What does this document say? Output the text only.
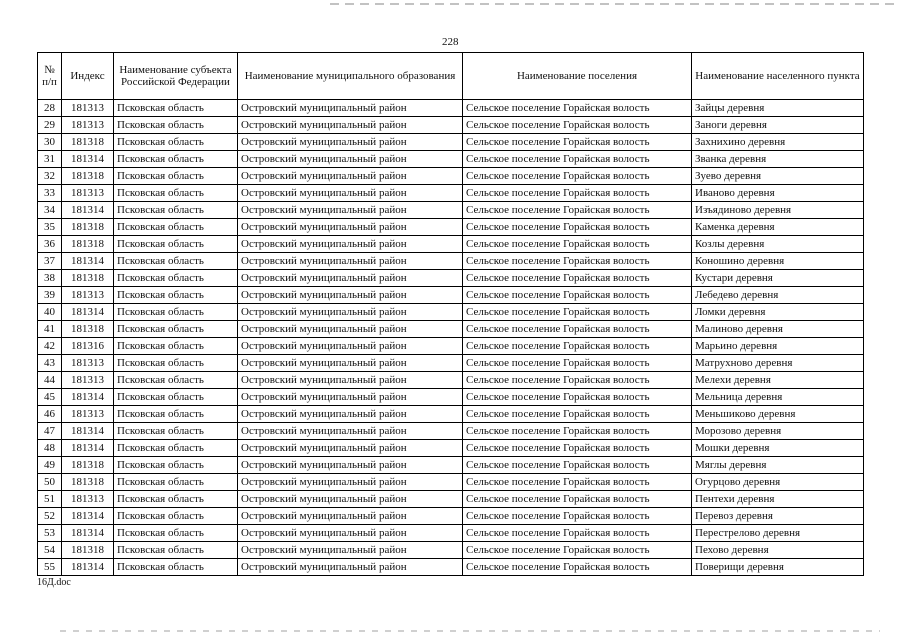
228
№ п/п	Индекс	Наименование субъекта Российской Федерации	Наименование муниципального образования	Наименование поселения	Наименование населенного пункта
28	181313	Псковская область	Островский муниципальный район	Сельское поселение Горайская волость	Зайцы деревня
29	181313	Псковская область	Островский муниципальный район	Сельское поселение Горайская волость	Заноги деревня
30	181318	Псковская область	Островский муниципальный район	Сельское поселение Горайская волость	Захнихино деревня
31	181314	Псковская область	Островский муниципальный район	Сельское поселение Горайская волость	Званка деревня
32	181318	Псковская область	Островский муниципальный район	Сельское поселение Горайская волость	Зуево деревня
33	181313	Псковская область	Островский муниципальный район	Сельское поселение Горайская волость	Иваново деревня
34	181314	Псковская область	Островский муниципальный район	Сельское поселение Горайская волость	Изъядиново деревня
35	181318	Псковская область	Островский муниципальный район	Сельское поселение Горайская волость	Каменка деревня
36	181318	Псковская область	Островский муниципальный район	Сельское поселение Горайская волость	Козлы деревня
37	181314	Псковская область	Островский муниципальный район	Сельское поселение Горайская волость	Коношино деревня
38	181318	Псковская область	Островский муниципальный район	Сельское поселение Горайская волость	Кустари деревня
39	181313	Псковская область	Островский муниципальный район	Сельское поселение Горайская волость	Лебедево деревня
40	181314	Псковская область	Островский муниципальный район	Сельское поселение Горайская волость	Ломки деревня
41	181318	Псковская область	Островский муниципальный район	Сельское поселение Горайская волость	Малиново деревня
42	181316	Псковская область	Островский муниципальный район	Сельское поселение Горайская волость	Марьино деревня
43	181313	Псковская область	Островский муниципальный район	Сельское поселение Горайская волость	Матрухново деревня
44	181313	Псковская область	Островский муниципальный район	Сельское поселение Горайская волость	Мелехи деревня
45	181314	Псковская область	Островский муниципальный район	Сельское поселение Горайская волость	Мельница деревня
46	181313	Псковская область	Островский муниципальный район	Сельское поселение Горайская волость	Меньшиково деревня
47	181314	Псковская область	Островский муниципальный район	Сельское поселение Горайская волость	Морозово деревня
48	181314	Псковская область	Островский муниципальный район	Сельское поселение Горайская волость	Мошки деревня
49	181318	Псковская область	Островский муниципальный район	Сельское поселение Горайская волость	Мяглы деревня
50	181318	Псковская область	Островский муниципальный район	Сельское поселение Горайская волость	Огурцово деревня
51	181313	Псковская область	Островский муниципальный район	Сельское поселение Горайская волость	Пентехи деревня
52	181314	Псковская область	Островский муниципальный район	Сельское поселение Горайская волость	Перевоз деревня
53	181314	Псковская область	Островский муниципальный район	Сельское поселение Горайская волость	Перестрелово деревня
54	181318	Псковская область	Островский муниципальный район	Сельское поселение Горайская волость	Пехово деревня
55	181314	Псковская область	Островский муниципальный район	Сельское поселение Горайская волость	Поверищи деревня
16Д.doc
